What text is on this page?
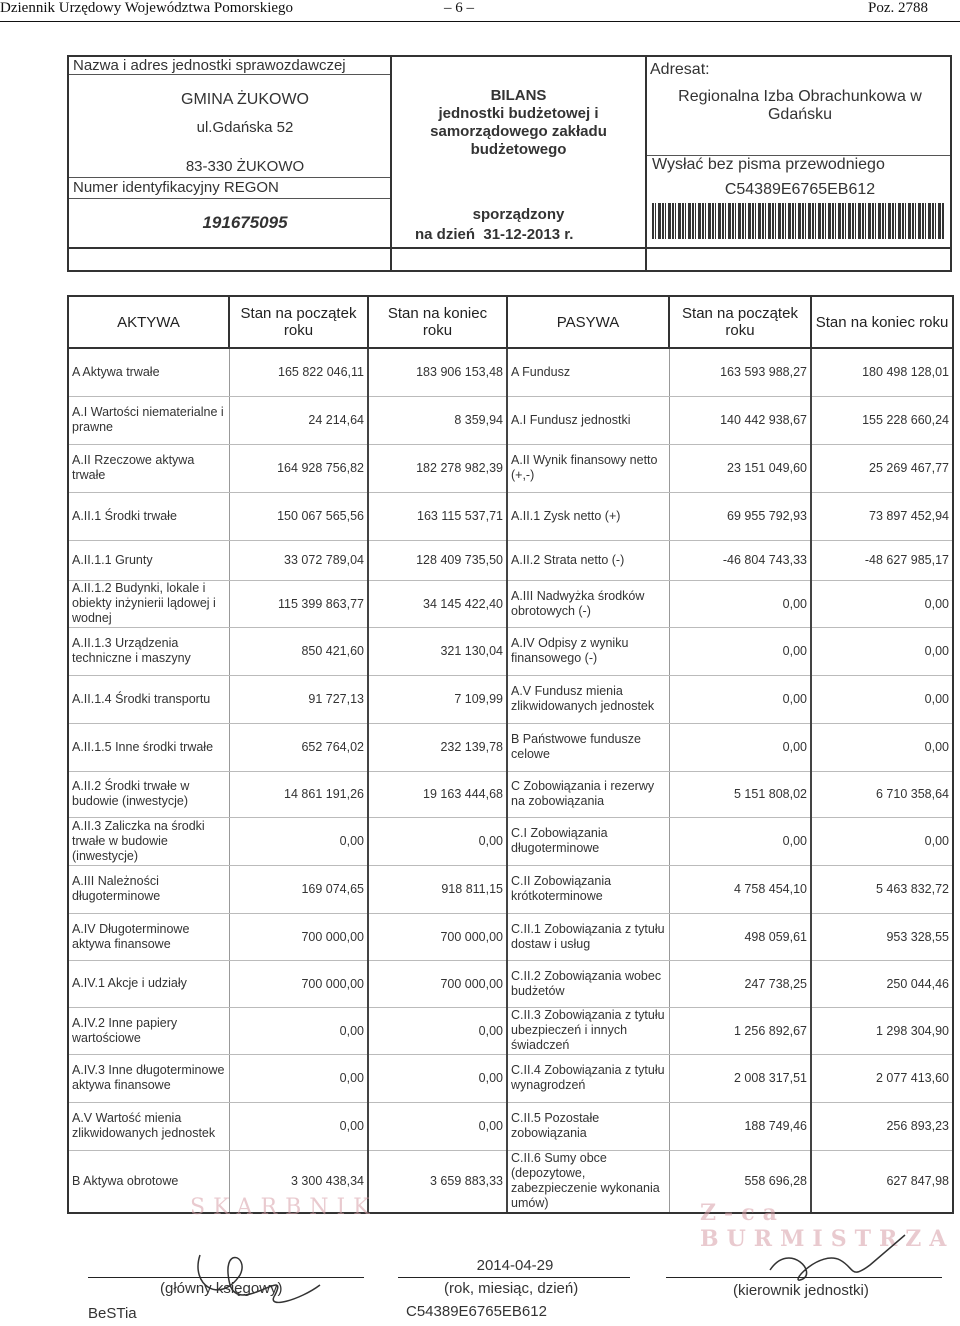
Dziennik Urzędowy Województwa Pomorskiego	– 6 –	Poz. 2788
Nazwa i adres jednostki sprawozdawczej
GMINA ŻUKOWO
ul.Gdańska 52
83-330 ŻUKOWO
Numer identyfikacyjny REGON
191675095
BILANS
jednostki budżetowej i
samorządowego zakładu
budżetowego
sporządzony
na dzień 31-12-2013 r.
Adresat:
Regionalna Izba Obrachunkowa w
Gdańsku
Wysłać bez pisma przewodniego
C54389E6765EB612
AKTYWA	Stan na początek roku	Stan na koniec roku	PASYWA	Stan na początek roku	Stan na koniec roku
A Aktywa trwałe	165 822 046,11	183 906 153,48	A Fundusz	163 593 988,27	180 498 128,01
A.I Wartości niematerialne i prawne	24 214,64	8 359,94	A.I Fundusz jednostki	140 442 938,67	155 228 660,24
A.II Rzeczowe aktywa trwałe	164 928 756,82	182 278 982,39	A.II Wynik finansowy netto (+,-)	23 151 049,60	25 269 467,77
A.II.1 Środki trwałe	150 067 565,56	163 115 537,71	A.II.1 Zysk netto (+)	69 955 792,93	73 897 452,94
A.II.1.1 Grunty	33 072 789,04	128 409 735,50	A.II.2 Strata netto (-)	-46 804 743,33	-48 627 985,17
A.II.1.2 Budynki, lokale i obiekty inżynierii lądowej i wodnej	115 399 863,77	34 145 422,40	A.III Nadwyżka środków obrotowych (-)	0,00	0,00
A.II.1.3 Urządzenia techniczne i maszyny	850 421,60	321 130,04	A.IV Odpisy z wyniku finansowego (-)	0,00	0,00
A.II.1.4 Środki transportu	91 727,13	7 109,99	A.V Fundusz mienia zlikwidowanych jednostek	0,00	0,00
A.II.1.5 Inne środki trwałe	652 764,02	232 139,78	B Państwowe fundusze celowe	0,00	0,00
A.II.2 Środki trwałe w budowie (inwestycje)	14 861 191,26	19 163 444,68	C Zobowiązania i rezerwy na zobowiązania	5 151 808,02	6 710 358,64
A.II.3 Zaliczka na środki trwałe w budowie (inwestycje)	0,00	0,00	C.I Zobowiązania długoterminowe	0,00	0,00
A.III Należności długoterminowe	169 074,65	918 811,15	C.II Zobowiązania krótkoterminowe	4 758 454,10	5 463 832,72
A.IV Długoterminowe aktywa finansowe	700 000,00	700 000,00	C.II.1 Zobowiązania z tytułu dostaw i usług	498 059,61	953 328,55
A.IV.1 Akcje i udziały	700 000,00	700 000,00	C.II.2 Zobowiązania wobec budżetów	247 738,25	250 044,46
A.IV.2 Inne papiery wartościowe	0,00	0,00	C.II.3 Zobowiązania z tytułu ubezpieczeń i innych świadczeń	1 256 892,67	1 298 304,90
A.IV.3 Inne długoterminowe aktywa finansowe	0,00	0,00	C.II.4 Zobowiązania z tytułu wynagrodzeń	2 008 317,51	2 077 413,60
A.V Wartość mienia zlikwidowanych jednostek	0,00	0,00	C.II.5 Pozostałe zobowiązania	188 749,46	256 893,23
B Aktywa obrotowe	3 300 438,34	3 659 883,33	C.II.6 Sumy obce (depozytowe, zabezpieczenie wykonania umów)	558 696,28	627 847,98
SKARBNIK	Z-ca BURMISTRZA
2014-04-29
(główny księgowy)	(rok, miesiąc, dzień)	(kierownik jednostki)
BeSTia	C54389E6765EB612
